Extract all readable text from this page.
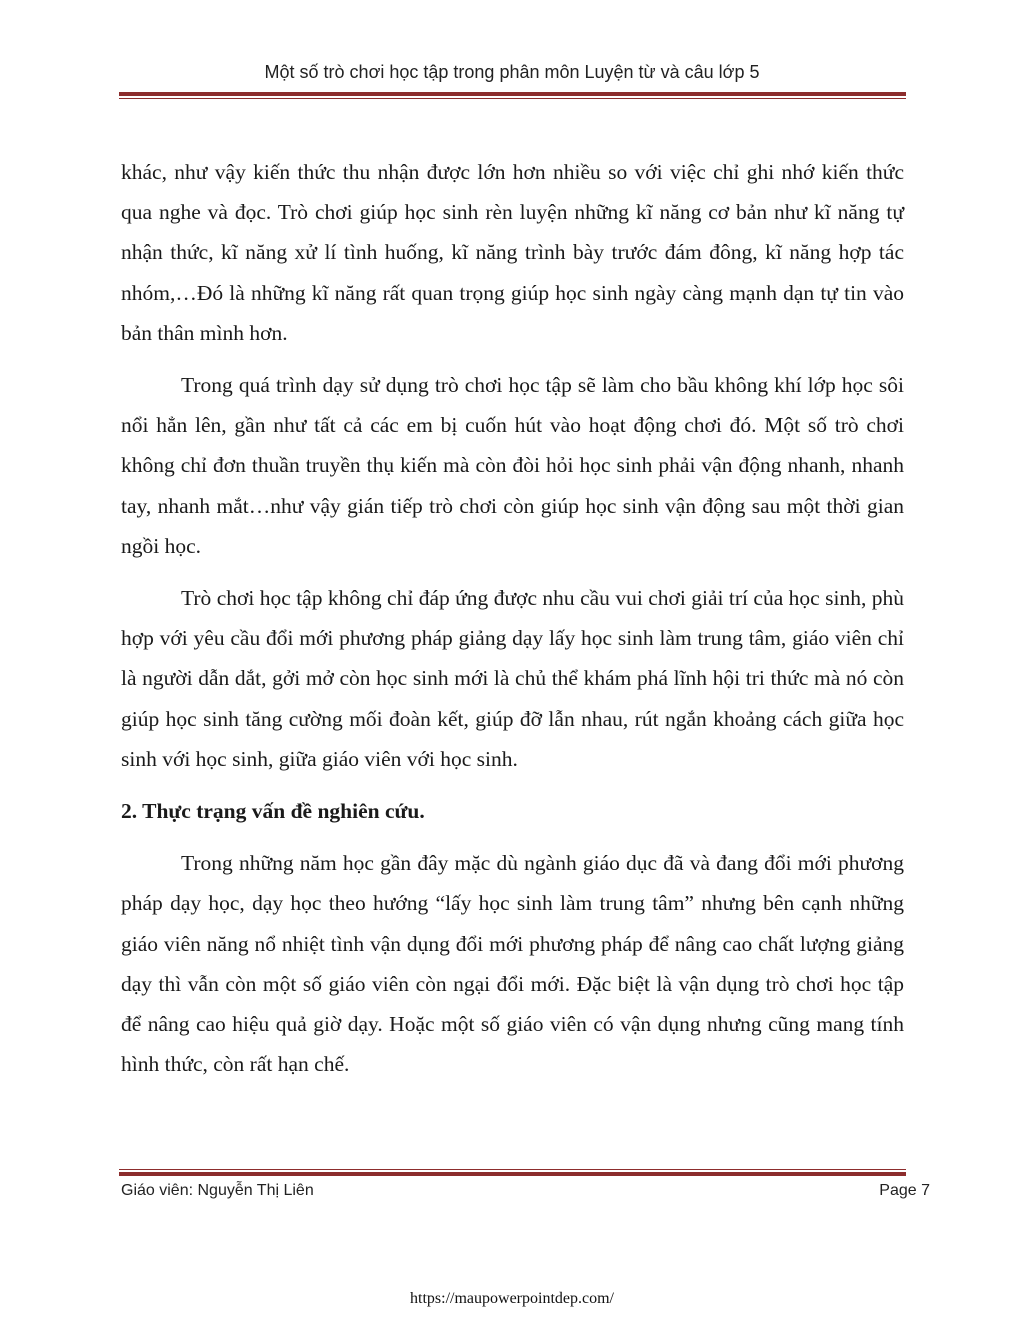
Một số trò chơi học tập trong phân môn Luyện từ và câu lớp 5

khác, như vậy kiến thức thu nhận được lớn hơn nhiều so với việc chỉ ghi nhớ kiến thức qua nghe và đọc. Trò chơi giúp học sinh rèn luyện những kĩ năng cơ bản như kĩ năng tự nhận thức, kĩ năng xử lí tình huống, kĩ năng trình bày trước đám đông, kĩ năng hợp tác nhóm,…Đó là những kĩ năng rất quan trọng giúp học sinh ngày càng mạnh dạn tự tin vào bản thân mình hơn.

Trong quá trình dạy sử dụng trò chơi học tập sẽ làm cho bầu không khí lớp học sôi nổi hẳn lên, gần như tất cả các em bị cuốn hút vào hoạt động chơi đó. Một số trò chơi không chỉ đơn thuần truyền thụ kiến mà còn đòi hỏi học sinh phải vận động nhanh, nhanh tay, nhanh mắt…như vậy gián tiếp trò chơi còn giúp học sinh vận động sau một thời gian ngồi học.

Trò chơi học tập không chỉ đáp ứng được nhu cầu vui chơi giải trí của học sinh, phù hợp với yêu cầu đổi mới phương pháp giảng dạy lấy học sinh làm trung tâm, giáo viên chỉ là người dẫn dắt, gởi mở còn học sinh mới là chủ thể khám phá lĩnh hội tri thức mà nó còn giúp học sinh tăng cường mối đoàn kết, giúp đỡ lẫn nhau, rút ngắn khoảng cách giữa học sinh với học sinh, giữa giáo viên với học sinh.

2. Thực trạng vấn đề nghiên cứu.

Trong những năm học gần đây mặc dù ngành giáo dục đã và đang đổi mới phương pháp dạy học, dạy học theo hướng “lấy học sinh làm trung tâm” nhưng bên cạnh những giáo viên năng nổ nhiệt tình vận dụng đổi mới phương pháp để nâng cao chất lượng giảng dạy thì vẫn còn một số giáo viên còn ngại đổi mới. Đặc biệt là vận dụng trò chơi học tập để nâng cao hiệu quả giờ dạy. Hoặc một số giáo viên có vận dụng nhưng cũng mang tính hình thức, còn rất hạn chế.

Giáo viên: Nguyễn Thị Liên	Page 7
https://maupowerpointdep.com/
